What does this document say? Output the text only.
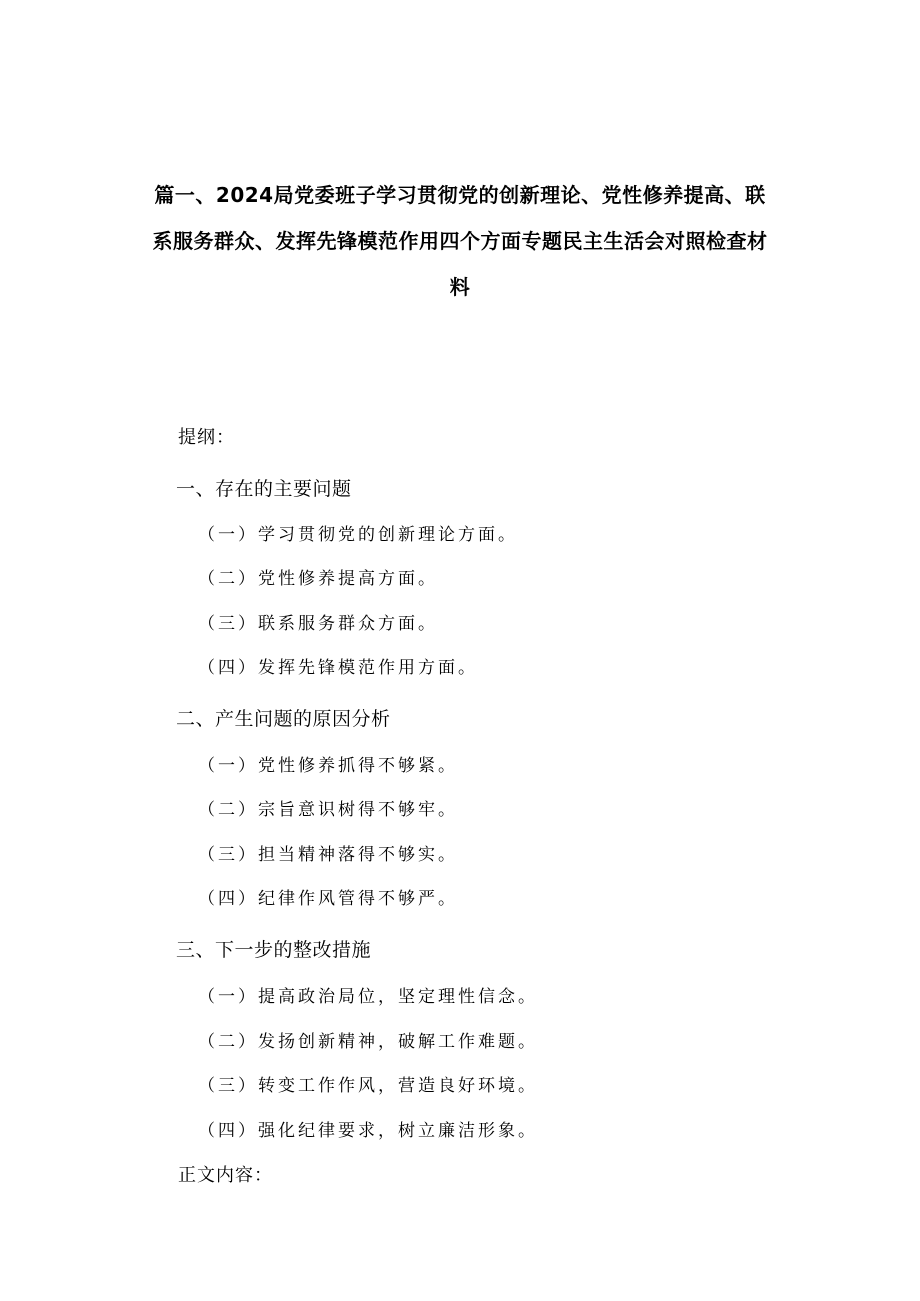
篇一、2024局党委班子学习贯彻党的创新理论、党性修养提高、联
系服务群众、发挥先锋模范作用四个方面专题民主生活会对照检查材
料
提纲：
一、存在的主要问题
（一）学习贯彻党的创新理论方面。
（二）党性修养提高方面。
（三）联系服务群众方面。
（四）发挥先锋模范作用方面。
二、产生问题的原因分析
（一）党性修养抓得不够紧。
（二）宗旨意识树得不够牢。
（三）担当精神落得不够实。
（四）纪律作风管得不够严。
三、下一步的整改措施
（一）提高政治局位，坚定理性信念。
（二）发扬创新精神，破解工作难题。
（三）转变工作作风，营造良好环境。
（四）强化纪律要求，树立廉洁形象。
正文内容：
